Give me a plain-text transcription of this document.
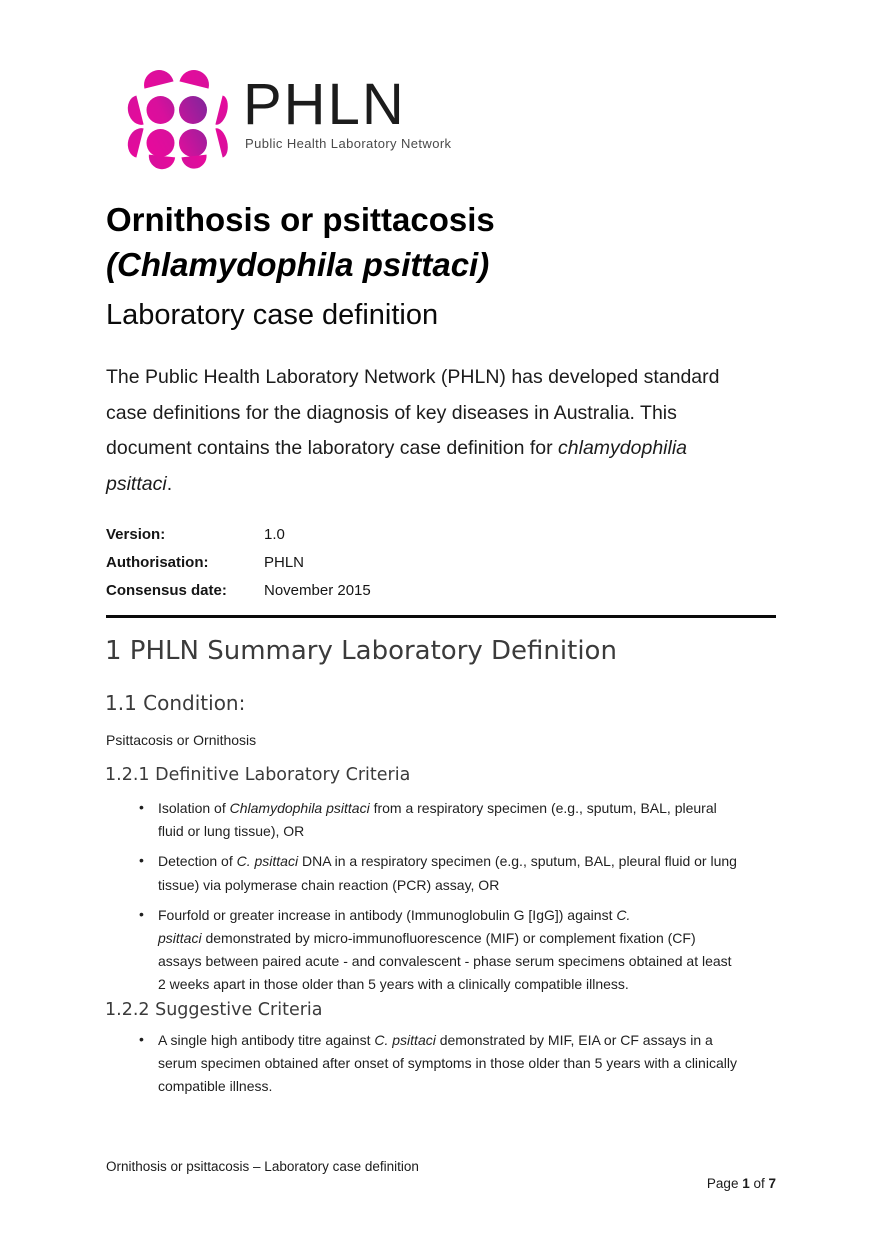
PHLN
Public Health Laboratory Network
Ornithosis or psittacosis
(Chlamydophila psittaci)
Laboratory case definition
The Public Health Laboratory Network (PHLN) has developed standard
case definitions for the diagnosis of key diseases in Australia. This
document contains the laboratory case definition for chlamydophilia
psittaci.
Version:	1.0
Authorisation:	PHLN
Consensus date: November 2015
1 PHLN Summary Laboratory Definition
1.1 Condition:
Psittacosis or Ornithosis
1.2.1 Definitive Laboratory Criteria
• Isolation of Chlamydophila psittaci from a respiratory specimen (e.g., sputum, BAL, pleural
fluid or lung tissue), OR
• Detection of C. psittaci DNA in a respiratory specimen (e.g., sputum, BAL, pleural fluid or lung
tissue) via polymerase chain reaction (PCR) assay, OR
• Fourfold or greater increase in antibody (Immunoglobulin G [IgG]) against C.
psittaci demonstrated by micro-immunofluorescence (MIF) or complement fixation (CF)
assays between paired acute - and convalescent - phase serum specimens obtained at least
2 weeks apart in those older than 5 years with a clinically compatible illness.
1.2.2 Suggestive Criteria
• A single high antibody titre against C. psittaci demonstrated by MIF, EIA or CF assays in a
serum specimen obtained after onset of symptoms in those older than 5 years with a clinically
compatible illness.
Ornithosis or psittacosis – Laboratory case definition
Page 1 of 7
